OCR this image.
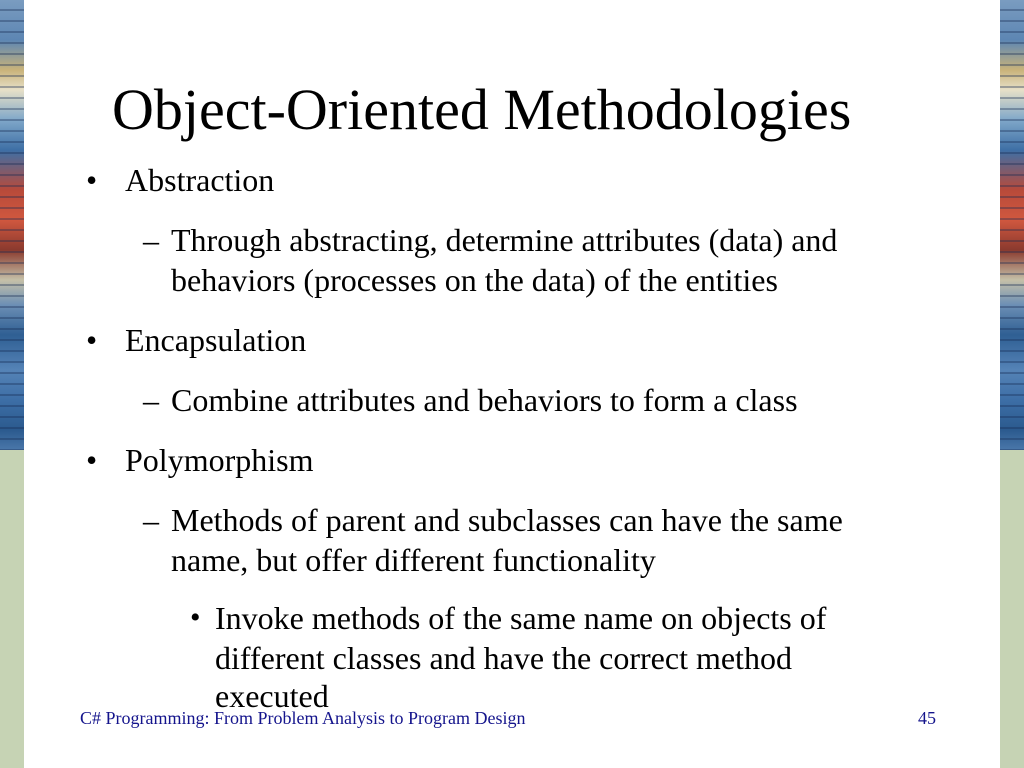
Object-Oriented Methodologies
• Abstraction
– Through abstracting, determine attributes (data) and
behaviors (processes on the data) of the entities
• Encapsulation
– Combine attributes and behaviors to form a class
• Polymorphism
– Methods of parent and subclasses can have the same
name, but offer different functionality
• Invoke methods of the same name on objects of
different classes and have the correct method
executed
C# Programming: From Problem Analysis to Program Design	45
